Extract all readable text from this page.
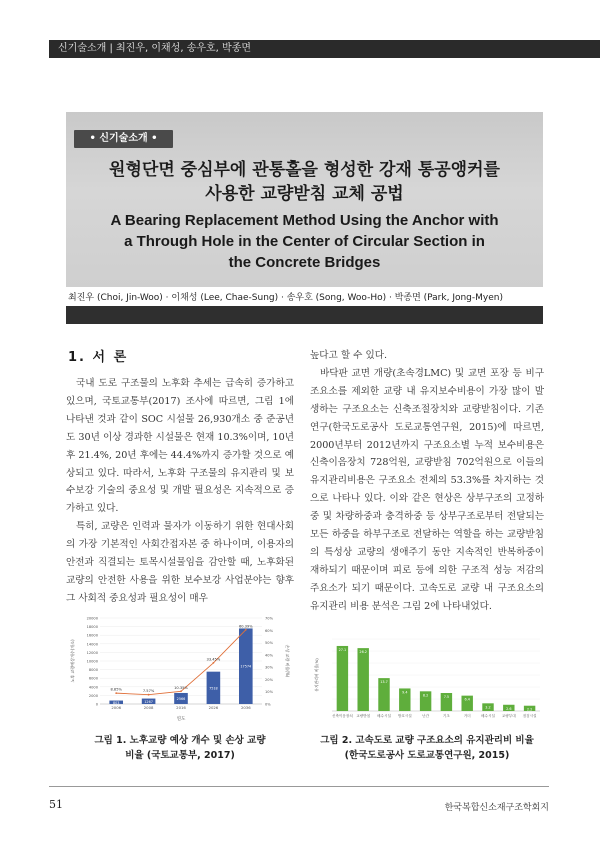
신기술소개 | 최진우, 이채성, 송우호, 박종면
• 신기술소개 •
원형단면 중심부에 관통홀을 형성한 강재 통공앵커를
사용한 교량받침 교체 공법
A Bearing Replacement Method Using the Anchor with
a Through Hole in the Center of Circular Section in
the Concrete Bridges
최진우 (Choi, Jin-Woo) · 이채성 (Lee, Chae-Sung) · 송우호 (Song, Woo-Ho) · 박종면 (Park, Jong-Myen)
1. 서 론

국내 도로 구조물의 노후화 추세는 급속히 증가하고 있으며, 국토교통부(2017) 조사에 따르면, 그림 1에 나타낸 것과 같이 SOC 시설물 26,930개소 중 준공년도 30년 이상 경과한 시설물은 현재 10.3%이며, 10년 후 21.4%, 20년 후에는 44.4%까지 증가할 것으로 예상되고 있다. 따라서, 노후화 구조물의 유지관리 및 보수보강 기술의 중요성 및 개발 필요성은 지속적으로 증가하고 있다.

특히, 교량은 인력과 물자가 이동하기 위한 현대사회의 가장 기본적인 사회간접자본 중 하나이며, 이용자의 안전과 직결되는 토목시설물임을 감안할 때, 노후화된 교량의 안전한 사용을 위한 보수보강 사업분야는 향후 그 사회적 중요성과 필요성이 매우

높다고 할 수 있다.

바닥판 교면 개량(초속경LMC) 및 교면 포장 등 비구조요소를 제외한 교량 내 유지보수비용이 가장 많이 발생하는 구조요소는 신축조절장치와 교량받침이다. 기존 연구(한국도로공사 도로교통연구원, 2015)에 따르면, 2000년부터 2012년까지 구조요소별 누적 보수비용은 신축이음장치 728억원, 교량받침 702억원으로 이들의 유지관리비용은 구조요소 전체의 53.3%를 차지하는 것으로 나타나 있다. 이와 같은 현상은 상부구조의 고정하중 및 차량하중과 충격하중 등 상부구조로부터 전달되는 모든 하중을 하부구조로 전달하는 역할을 하는 교량받침의 특성상 교량의 생애주기 동안 지속적인 반복하중이 재하되기 때문이며 피로 등에 의한 구조적 성능 저감의 주요소가 되기 때문이다. 고속도로 교량 내 구조요소의 유지관리 비용 분석은 그림 2에 나타내었다.

0
2000
4000
6000
8000
10000
12000
14000
16000
18000
20000
0%
10%
20%
30%
40%
50%
60%
70%
노후 교량예상개수(개소)	손상 교량 비율(%)
연도
803
2006
1267
2008
2566
2016
7518
2026
17574
2036
8.85%	7.57%
10.35%
33.45%
60.39%
그림 1. 노후교량 예상 개수 및 손상 교량
비율 (국토교통부, 2017)
유지관리비 비율(%)
27.1
신축이음장치
26.2
교량받침
13.7
배수시설
9.4
방호시설
8.2
난간
7.5
기초
6.4
거더
3.2
배수시설
2.6
교량부대
2.2
점검시설
그림 2. 고속도로 교량 구조요소의 유지관리비 비율
(한국도로공사 도로교통연구원, 2015)
51	한국복합신소재구조학회지
